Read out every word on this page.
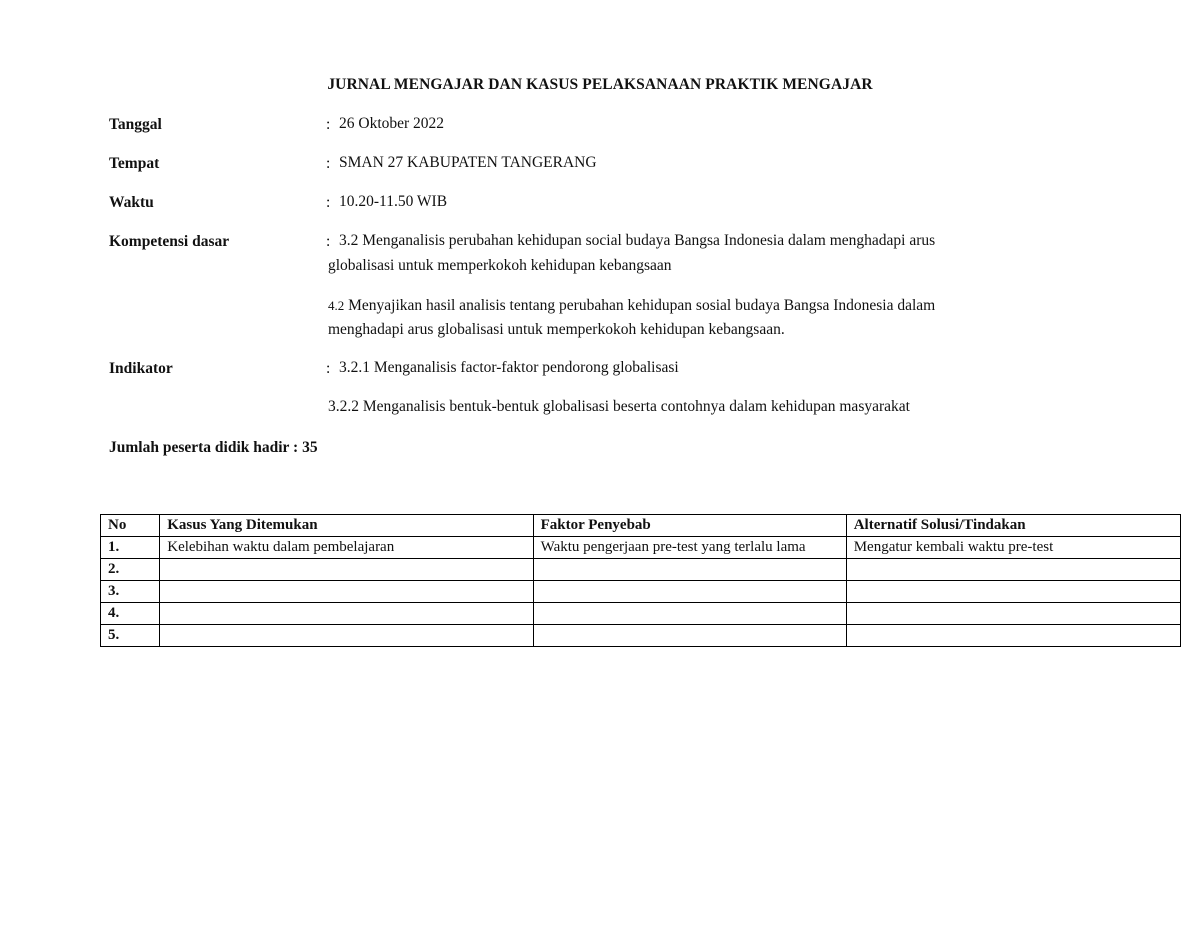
JURNAL MENGAJAR DAN KASUS PELAKSANAAN PRAKTIK MENGAJAR
Tanggal	: 26 Oktober 2022
Tempat	: SMAN 27 KABUPATEN TANGERANG
Waktu	: 10.20-11.50 WIB
Kompetensi dasar	: 3.2 Menganalisis perubahan kehidupan social budaya Bangsa Indonesia dalam menghadapi arus
globalisasi untuk memperkokoh kehidupan kebangsaan
4.2 Menyajikan hasil analisis tentang perubahan kehidupan sosial budaya Bangsa Indonesia dalam
menghadapi arus globalisasi untuk memperkokoh kehidupan kebangsaan.
Indikator	: 3.2.1 Menganalisis factor-faktor pendorong globalisasi
3.2.2 Menganalisis bentuk-bentuk globalisasi beserta contohnya dalam kehidupan masyarakat
Jumlah peserta didik hadir : 35
No	Kasus Yang Ditemukan	Faktor Penyebab	Alternatif Solusi/Tindakan
1.	Kelebihan waktu dalam pembelajaran	Waktu pengerjaan pre-test yang terlalu lama	Mengatur kembali waktu pre-test
2.			
3.			
4.			
5.			
